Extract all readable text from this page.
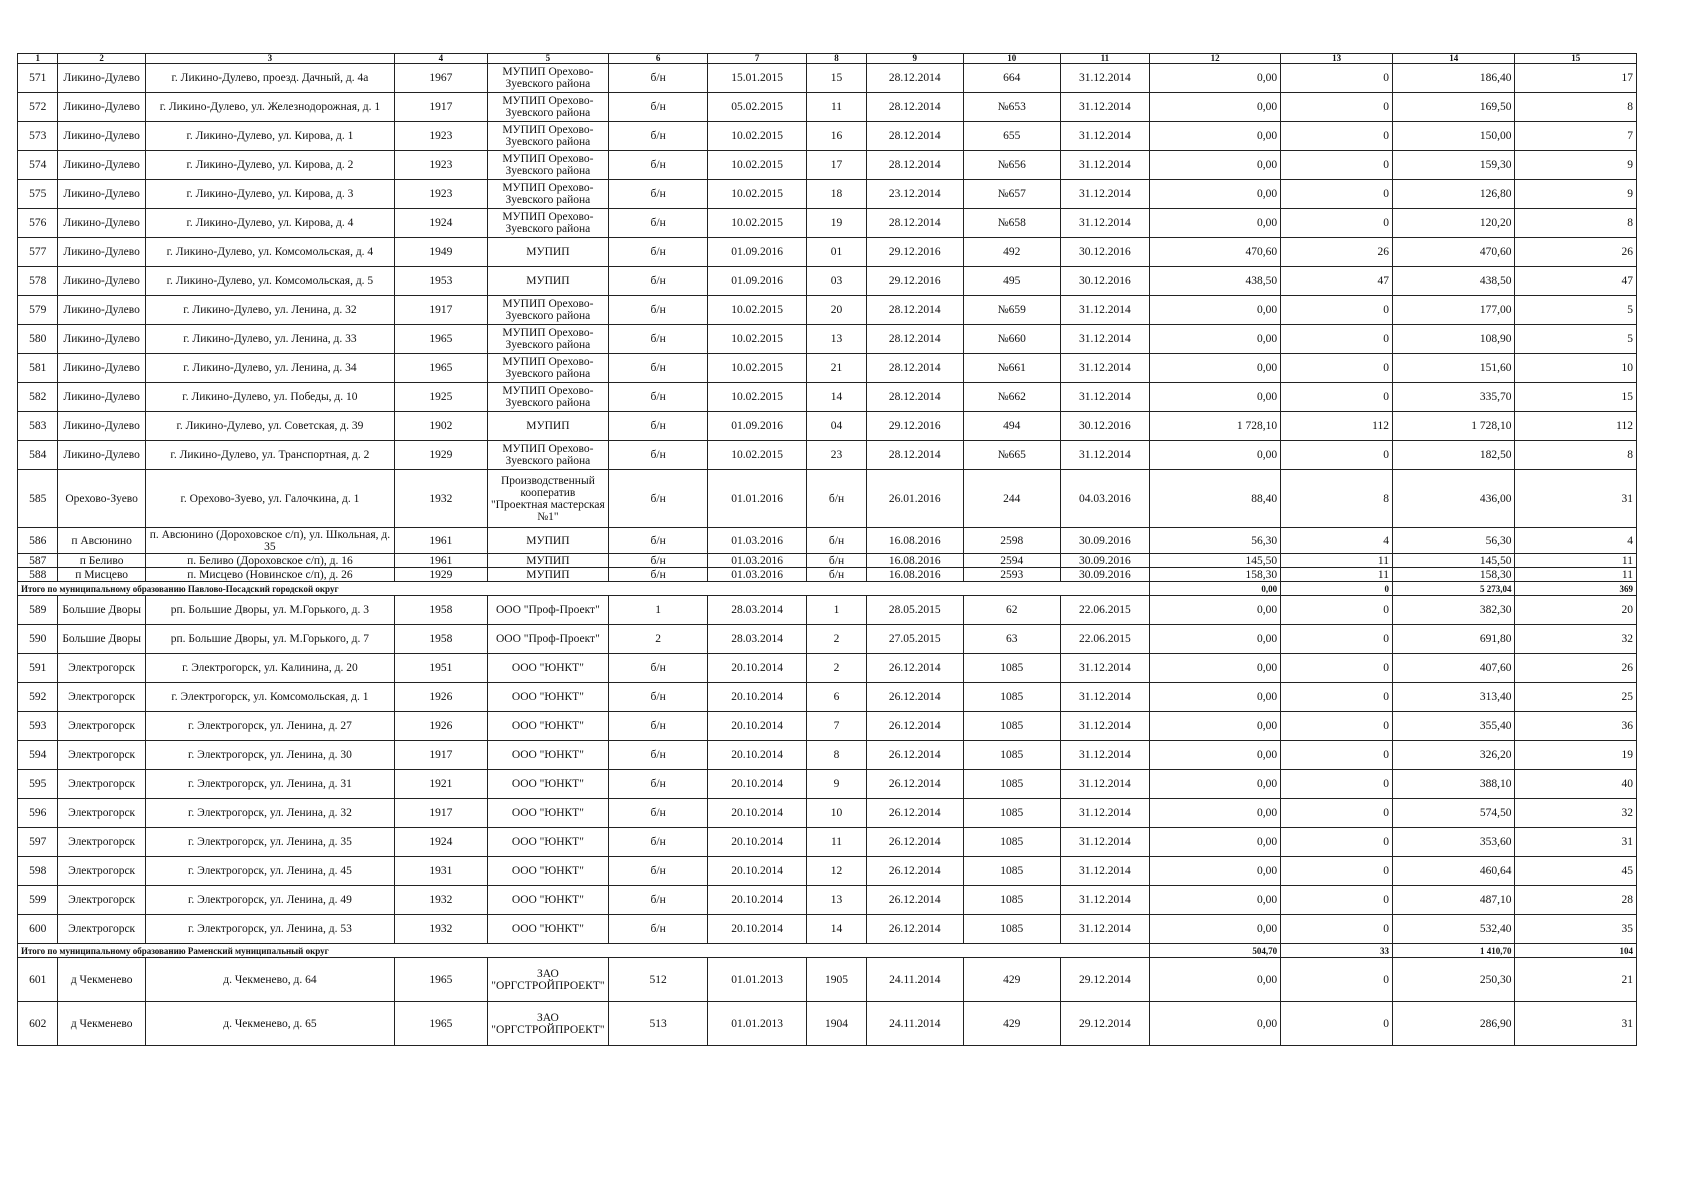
1	2	3	4	5	6	7	8	9	10	11	12	13	14	15
571	Ликино-Дулево	г. Ликино-Дулево, проезд. Дачный, д. 4а	1967	МУПИП Орехово-Зуевского района	б/н	15.01.2015	15	28.12.2014	664	31.12.2014	0,00	0	186,40	17
572	Ликино-Дулево	г. Ликино-Дулево, ул. Железнодорожная, д. 1	1917	МУПИП Орехово-Зуевского района	б/н	05.02.2015	11	28.12.2014	№653	31.12.2014	0,00	0	169,50	8
573	Ликино-Дулево	г. Ликино-Дулево, ул. Кирова, д. 1	1923	МУПИП Орехово-Зуевского района	б/н	10.02.2015	16	28.12.2014	655	31.12.2014	0,00	0	150,00	7
574	Ликино-Дулево	г. Ликино-Дулево, ул. Кирова, д. 2	1923	МУПИП Орехово-Зуевского района	б/н	10.02.2015	17	28.12.2014	№656	31.12.2014	0,00	0	159,30	9
575	Ликино-Дулево	г. Ликино-Дулево, ул. Кирова, д. 3	1923	МУПИП Орехово-Зуевского района	б/н	10.02.2015	18	23.12.2014	№657	31.12.2014	0,00	0	126,80	9
576	Ликино-Дулево	г. Ликино-Дулево, ул. Кирова, д. 4	1924	МУПИП Орехово-Зуевского района	б/н	10.02.2015	19	28.12.2014	№658	31.12.2014	0,00	0	120,20	8
577	Ликино-Дулево	г. Ликино-Дулево, ул. Комсомольская, д. 4	1949	МУПИП	б/н	01.09.2016	01	29.12.2016	492	30.12.2016	470,60	26	470,60	26
578	Ликино-Дулево	г. Ликино-Дулево, ул. Комсомольская, д. 5	1953	МУПИП	б/н	01.09.2016	03	29.12.2016	495	30.12.2016	438,50	47	438,50	47
579	Ликино-Дулево	г. Ликино-Дулево, ул. Ленина, д. 32	1917	МУПИП Орехово-Зуевского района	б/н	10.02.2015	20	28.12.2014	№659	31.12.2014	0,00	0	177,00	5
580	Ликино-Дулево	г. Ликино-Дулево, ул. Ленина, д. 33	1965	МУПИП Орехово-Зуевского района	б/н	10.02.2015	13	28.12.2014	№660	31.12.2014	0,00	0	108,90	5
581	Ликино-Дулево	г. Ликино-Дулево, ул. Ленина, д. 34	1965	МУПИП Орехово-Зуевского района	б/н	10.02.2015	21	28.12.2014	№661	31.12.2014	0,00	0	151,60	10
582	Ликино-Дулево	г. Ликино-Дулево, ул. Победы, д. 10	1925	МУПИП Орехово-Зуевского района	б/н	10.02.2015	14	28.12.2014	№662	31.12.2014	0,00	0	335,70	15
583	Ликино-Дулево	г. Ликино-Дулево, ул. Советская, д. 39	1902	МУПИП	б/н	01.09.2016	04	29.12.2016	494	30.12.2016	1 728,10	112	1 728,10	112
584	Ликино-Дулево	г. Ликино-Дулево, ул. Транспортная, д. 2	1929	МУПИП Орехово-Зуевского района	б/н	10.02.2015	23	28.12.2014	№665	31.12.2014	0,00	0	182,50	8
585	Орехово-Зуево	г. Орехово-Зуево, ул. Галочкина, д. 1	1932	Производственный кооператив "Проектная мастерская №1"	б/н	01.01.2016	б/н	26.01.2016	244	04.03.2016	88,40	8	436,00	31
586	п Авсюнино	п. Авсюнино (Дороховское с/п), ул. Школьная, д. 35	1961	МУПИП	б/н	01.03.2016	б/н	16.08.2016	2598	30.09.2016	56,30	4	56,30	4
587	п Беливо	п. Беливо (Дороховское с/п), д. 16	1961	МУПИП	б/н	01.03.2016	б/н	16.08.2016	2594	30.09.2016	145,50	11	145,50	11
588	п Мисцево	п. Мисцево (Новинское с/п), д. 26	1929	МУПИП	б/н	01.03.2016	б/н	16.08.2016	2593	30.09.2016	158,30	11	158,30	11
Итого по муниципальному образованию Павлово-Посадский городской округ											0,00	0	5 273,04	369
589	Большие Дворы	рп. Большие Дворы, ул. М.Горького, д. 3	1958	ООО "Проф-Проект"	1	28.03.2014	1	28.05.2015	62	22.06.2015	0,00	0	382,30	20
590	Большие Дворы	рп. Большие Дворы, ул. М.Горького, д. 7	1958	ООО "Проф-Проект"	2	28.03.2014	2	27.05.2015	63	22.06.2015	0,00	0	691,80	32
591	Электрогорск	г. Электрогорск, ул. Калинина, д. 20	1951	ООО "ЮНКТ"	б/н	20.10.2014	2	26.12.2014	1085	31.12.2014	0,00	0	407,60	26
592	Электрогорск	г. Электрогорск, ул. Комсомольская, д. 1	1926	ООО "ЮНКТ"	б/н	20.10.2014	6	26.12.2014	1085	31.12.2014	0,00	0	313,40	25
593	Электрогорск	г. Электрогорск, ул. Ленина, д. 27	1926	ООО "ЮНКТ"	б/н	20.10.2014	7	26.12.2014	1085	31.12.2014	0,00	0	355,40	36
594	Электрогорск	г. Электрогорск, ул. Ленина, д. 30	1917	ООО "ЮНКТ"	б/н	20.10.2014	8	26.12.2014	1085	31.12.2014	0,00	0	326,20	19
595	Электрогорск	г. Электрогорск, ул. Ленина, д. 31	1921	ООО "ЮНКТ"	б/н	20.10.2014	9	26.12.2014	1085	31.12.2014	0,00	0	388,10	40
596	Электрогорск	г. Электрогорск, ул. Ленина, д. 32	1917	ООО "ЮНКТ"	б/н	20.10.2014	10	26.12.2014	1085	31.12.2014	0,00	0	574,50	32
597	Электрогорск	г. Электрогорск, ул. Ленина, д. 35	1924	ООО "ЮНКТ"	б/н	20.10.2014	11	26.12.2014	1085	31.12.2014	0,00	0	353,60	31
598	Электрогорск	г. Электрогорск, ул. Ленина, д. 45	1931	ООО "ЮНКТ"	б/н	20.10.2014	12	26.12.2014	1085	31.12.2014	0,00	0	460,64	45
599	Электрогорск	г. Электрогорск, ул. Ленина, д. 49	1932	ООО "ЮНКТ"	б/н	20.10.2014	13	26.12.2014	1085	31.12.2014	0,00	0	487,10	28
600	Электрогорск	г. Электрогорск, ул. Ленина, д. 53	1932	ООО "ЮНКТ"	б/н	20.10.2014	14	26.12.2014	1085	31.12.2014	0,00	0	532,40	35
Итого по муниципальному образованию Раменский муниципальный округ											504,70	33	1 410,70	104
601	д Чекменево	д. Чекменево, д. 64	1965	ЗАО "ОРГСТРОЙПРОЕКТ"	512	01.01.2013	1905	24.11.2014	429	29.12.2014	0,00	0	250,30	21
602	д Чекменево	д. Чекменево, д. 65	1965	ЗАО "ОРГСТРОЙПРОЕКТ"	513	01.01.2013	1904	24.11.2014	429	29.12.2014	0,00	0	286,90	31
